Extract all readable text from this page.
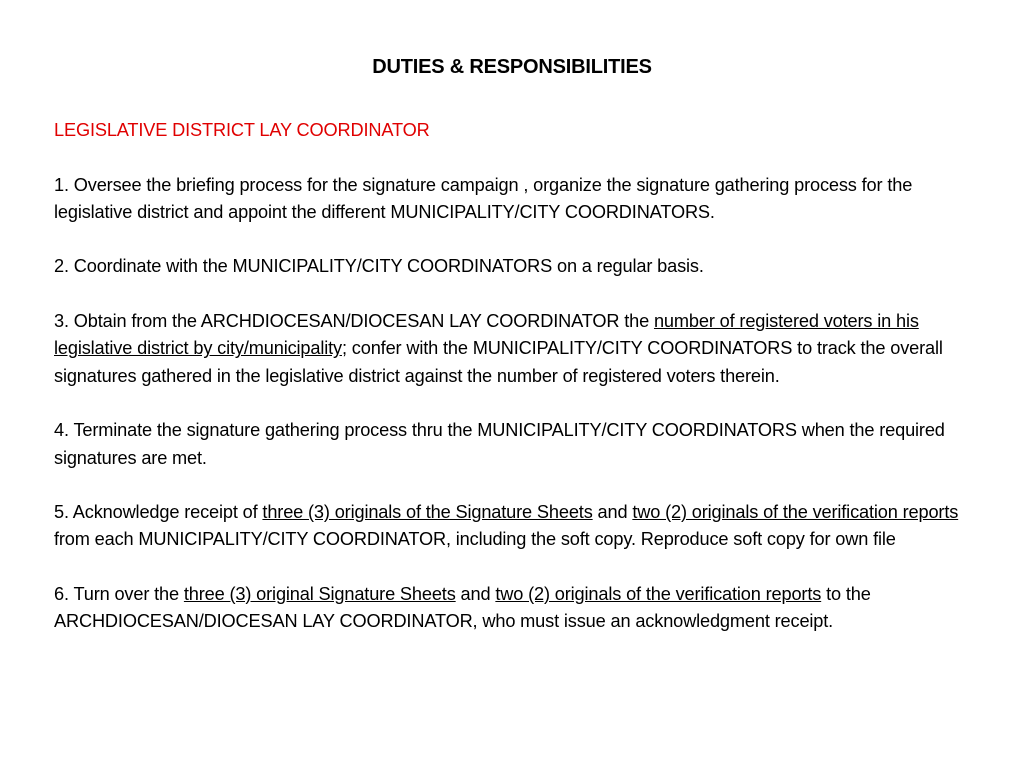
DUTIES & RESPONSIBILITIES
LEGISLATIVE DISTRICT LAY COORDINATOR
1. Oversee the briefing process for the signature campaign , organize the signature gathering process for the legislative district and appoint the different MUNICIPALITY/CITY COORDINATORS.
2. Coordinate with the MUNICIPALITY/CITY COORDINATORS on a regular basis.
3. Obtain from the ARCHDIOCESAN/DIOCESAN LAY COORDINATOR the number of registered voters in his legislative district by city/municipality; confer with the MUNICIPALITY/CITY COORDINATORS to track the overall signatures gathered in the legislative district against the number of registered voters therein.
4. Terminate the signature gathering process thru the MUNICIPALITY/CITY COORDINATORS when the required signatures are met.
5. Acknowledge receipt of three (3) originals of the Signature Sheets and two (2) originals of the verification reports from each MUNICIPALITY/CITY COORDINATOR, including the soft copy. Reproduce soft copy for own file
6. Turn over the three (3) original Signature Sheets and two (2) originals of the verification reports to the ARCHDIOCESAN/DIOCESAN LAY COORDINATOR, who must issue an acknowledgment receipt.
